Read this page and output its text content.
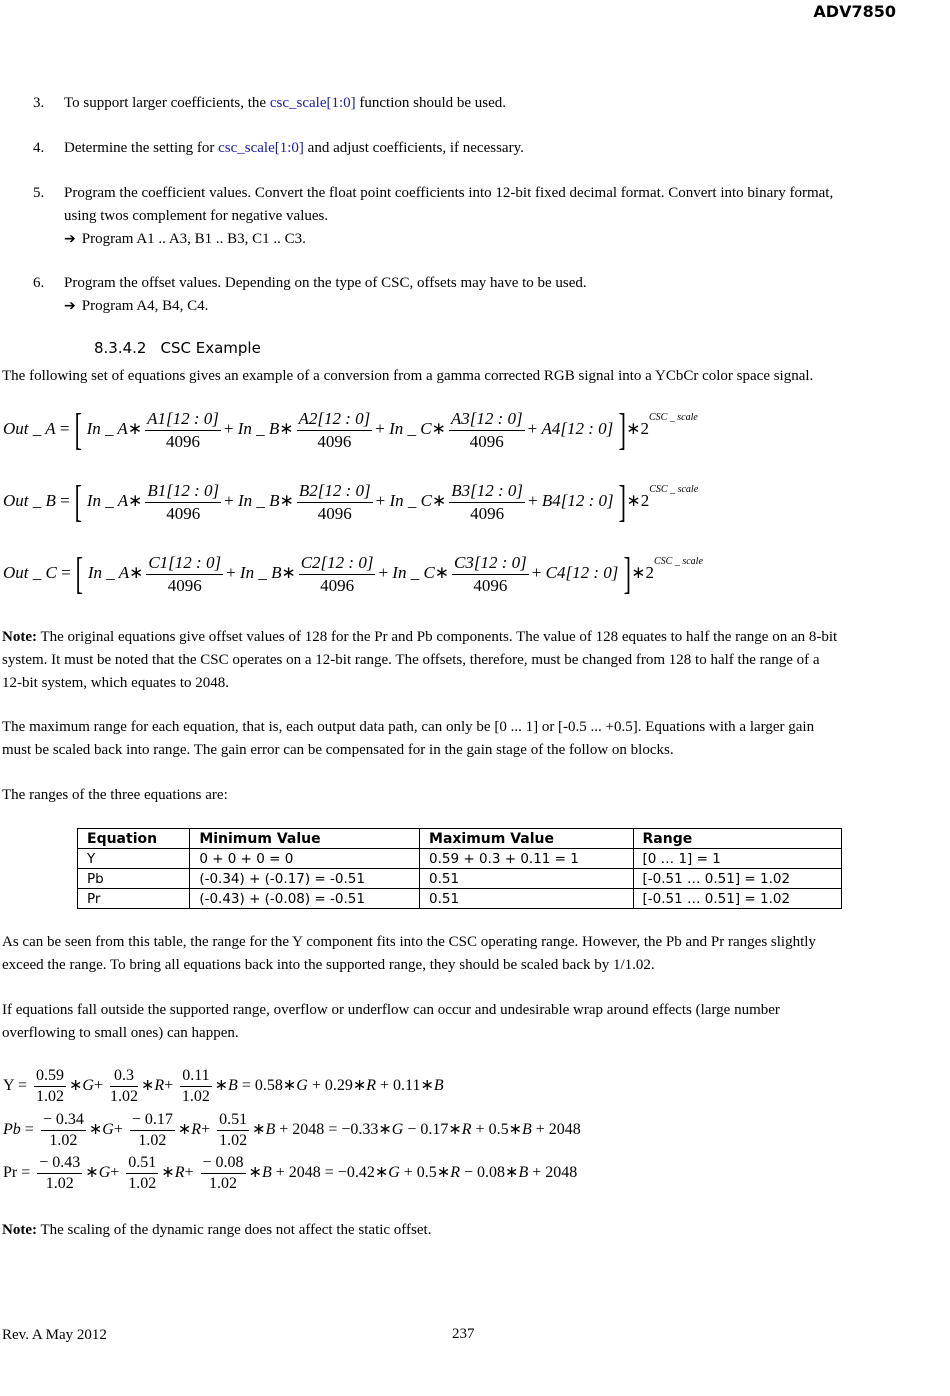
ADV7850
3.	To support larger coefficients, the csc_scale[1:0] function should be used.
4.	Determine the setting for csc_scale[1:0] and adjust coefficients, if necessary.
5.	Program the coefficient values. Convert the float point coefficients into 12-bit fixed decimal format. Convert into binary format,
using twos complement for negative values.
➔ Program A1 .. A3, B1 .. B3, C1 .. C3.
6.	Program the offset values. Depending on the type of CSC, offsets may have to be used.
➔ Program A4, B4, C4.
8.3.4.2 CSC Example
The following set of equations gives an example of a conversion from a gamma corrected RGB signal into a YCbCr color space signal.
Out _ A = [ In _ A∗ $\frac{A1[12 : 0]}{4096} + In$ _ B∗ $\frac{A2[12 : 0]}{4096} + In$ _ C∗ $\frac{A3[12 : 0]}{4096} + A4[12$ : 0] ]$∗2^{CSC \_ scale}$
Out _ B = [ In _ A∗ $\frac{B1[12 : 0]}{4096} + In$ _ B∗ $\frac{B2[12 : 0]}{4096} + In$ _ C∗ $\frac{B3[12 : 0]}{4096} + B4[12$ : 0] ]$∗2^{CSC \_ scale}$
Out _ C = [ In _ A∗ $\frac{C1[12 : 0]}{4096} + In$ _ B∗ $\frac{C2[12 : 0]}{4096} + In$ _ C∗ $\frac{C3[12 : 0]}{4096} + C4[12$ : 0] ]$∗2^{CSC \_ scale}$
Note: The original equations give offset values of 128 for the Pr and Pb components. The value of 128 equates to half the range on an 8-bit
system. It must be noted that the CSC operates on a 12-bit range. The offsets, therefore, must be changed from 128 to half the range of a
12-bit system, which equates to 2048.
The maximum range for each equation, that is, each output data path, can only be [0 ... 1] or [-0.5 ... +0.5]. Equations with a larger gain
must be scaled back into range. The gain error can be compensated for in the gain stage of the follow on blocks.
The ranges of the three equations are:
Equation	Minimum Value	Maximum Value	Range
Y	0 + 0 + 0 = 0	0.59 + 0.3 + 0.11 = 1	[0 … 1] = 1
Pb	(-0.34) + (-0.17) = -0.51	0.51	[-0.51 … 0.51] = 1.02
Pr	(-0.43) + (-0.08) = -0.51	0.51	[-0.51 … 0.51] = 1.02
As can be seen from this table, the range for the Y component fits into the CSC operating range. However, the Pb and Pr ranges slightly
exceed the range. To bring all equations back into the supported range, they should be scaled back by 1/1.02.
If equations fall outside the supported range, overflow or underflow can occur and undesirable wrap around effects (large number
overflowing to small ones) can happen.
$Y = \frac{0.59}{1.02}$ ∗G+ $\frac{0.3}{1.02}$ ∗R+ $\frac{0.11}{1.02}$ ∗B = 0.58∗G + 0.29∗R + 0.11∗B
$Pb = \frac{- 0.34}{1.02}$ ∗G+ $\frac{- 0.17}{1.02}$ ∗R+ $\frac{0.51}{1.02}$ ∗B + 2048 = −0.33∗G − 0.17∗R + 0.5∗B + 2048
$Pr = \frac{- 0.43}{1.02}$ ∗G+ $\frac{0.51}{1.02}$ ∗R+ $\frac{- 0.08}{1.02}$ ∗B + 2048 = −0.42∗G + 0.5∗R − 0.08∗B + 2048
Note: The scaling of the dynamic range does not affect the static offset.
Rev. A May 2012	237
